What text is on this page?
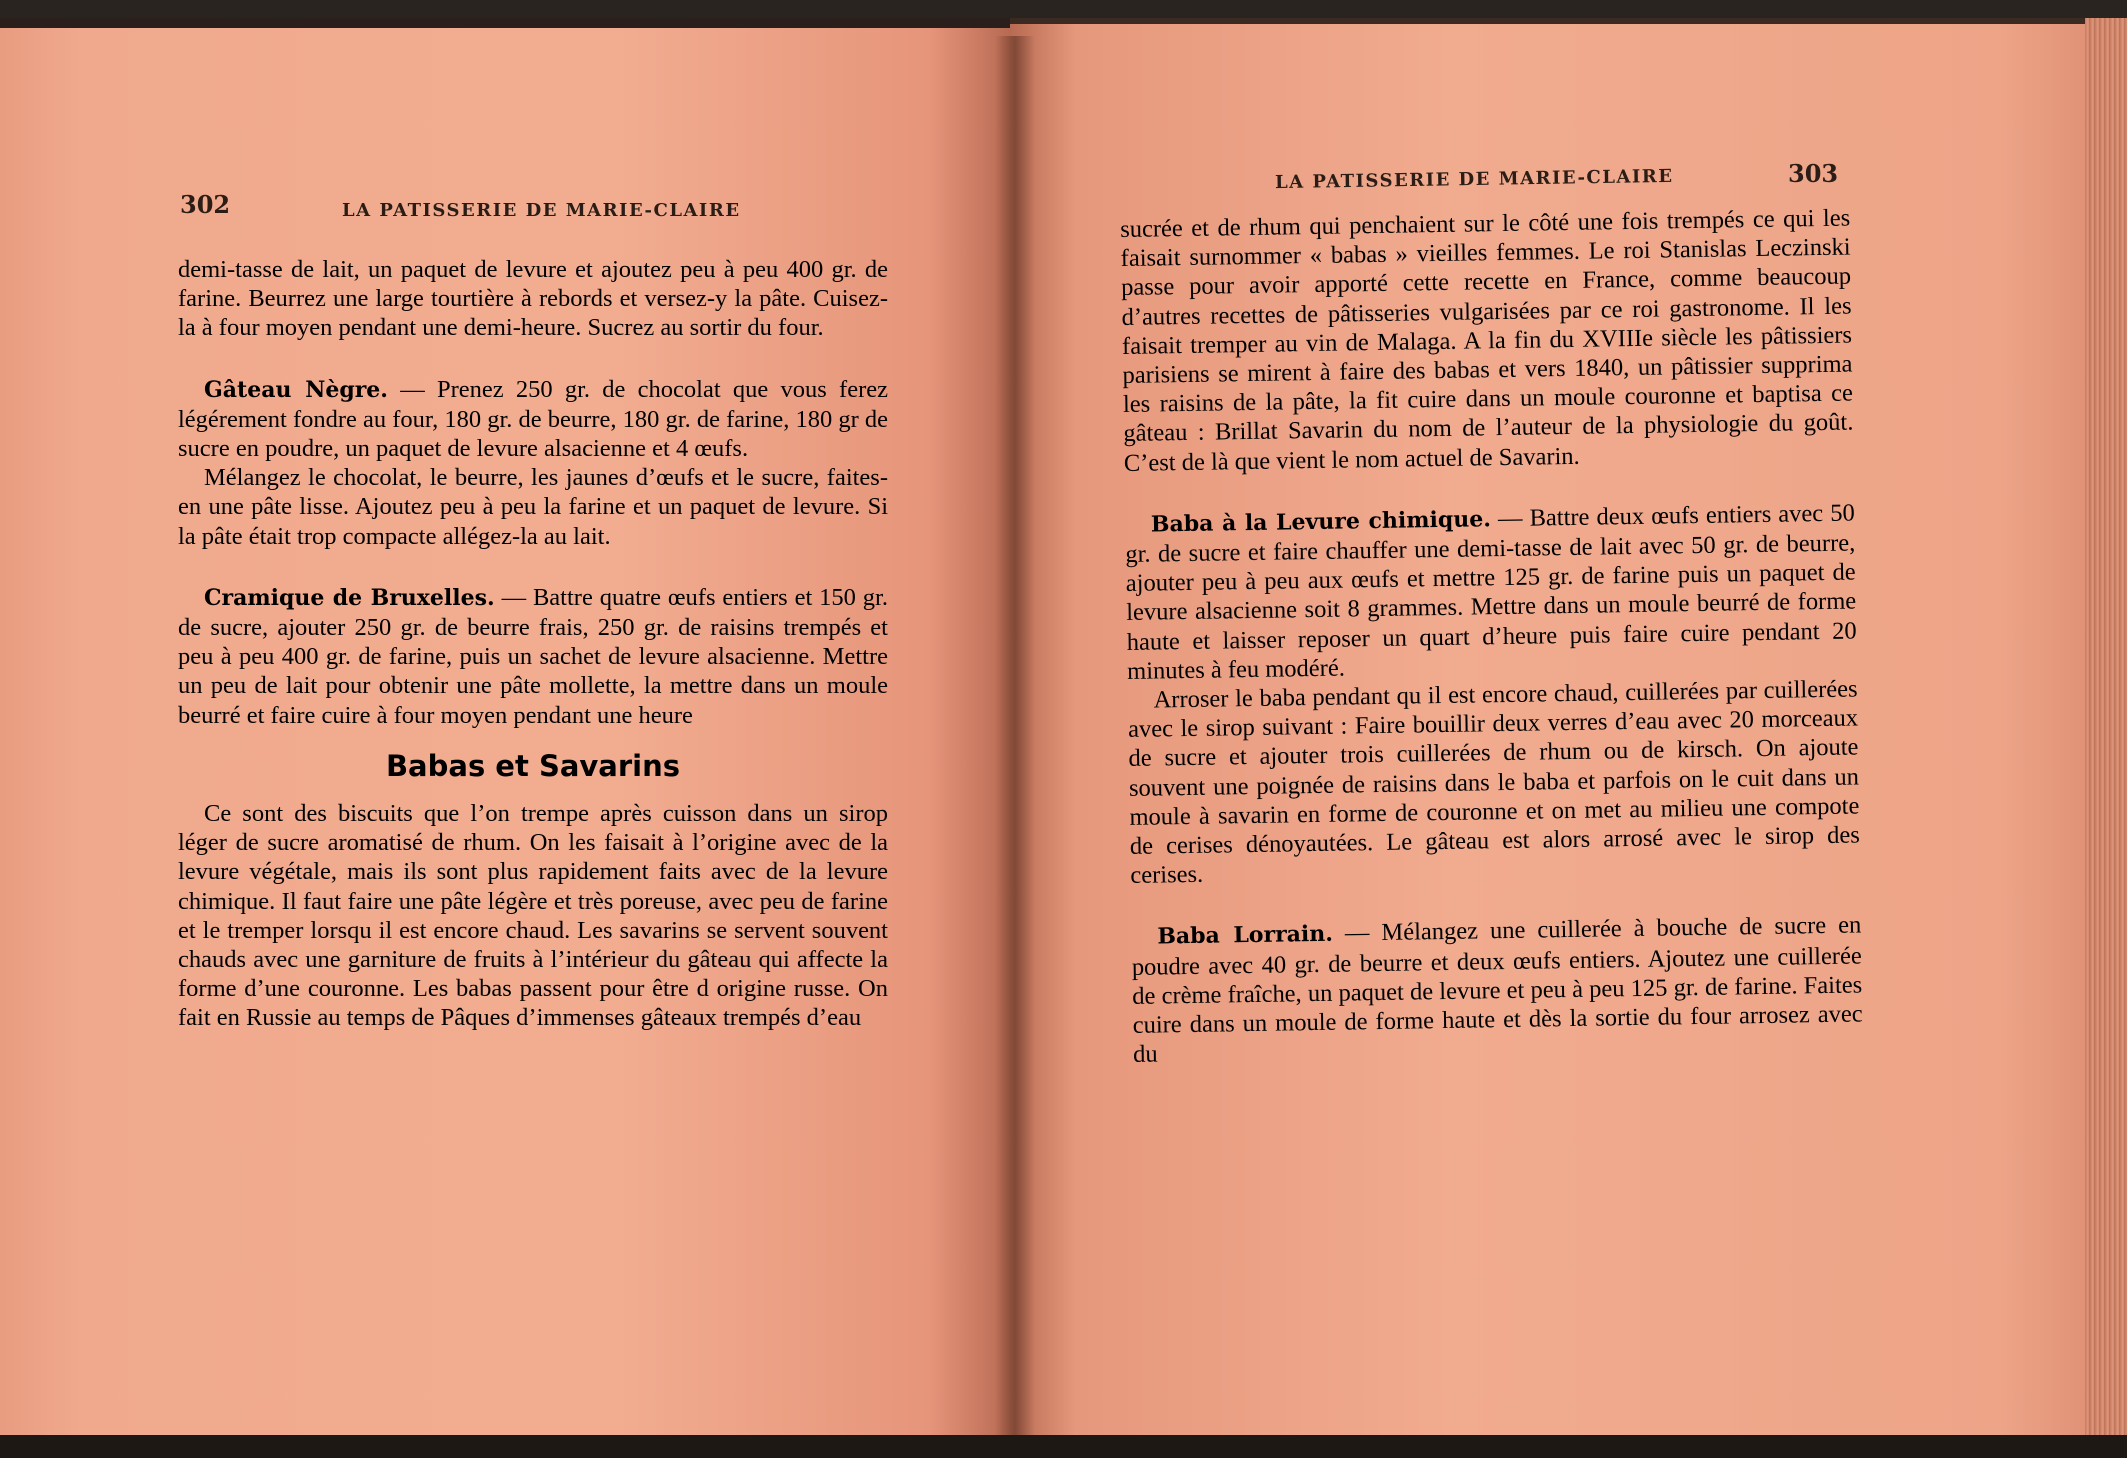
302	LA PATISSERIE DE MARIE-CLAIRE
LA PATISSERIE DE MARIE-CLAIRE	303

demi-tasse de lait, un paquet de levure et ajoutez peu à peu 400 gr. de farine. Beurrez une large tourtière à rebords et versez-y la pâte. Cuisez-la à four moyen pendant une demi-heure. Sucrez au sortir du four.

Gâteau Nègre. — Prenez 250 gr. de chocolat que vous ferez légérement fondre au four, 180 gr. de beurre, 180 gr. de farine, 180 gr de sucre en poudre, un paquet de levure alsacienne et 4 œufs.

Mélangez le chocolat, le beurre, les jaunes d’œufs et le sucre, faites-en une pâte lisse. Ajoutez peu à peu la farine et un paquet de levure. Si la pâte était trop compacte allégez-la au lait.

Cramique de Bruxelles. — Battre quatre œufs entiers et 150 gr. de sucre, ajouter 250 gr. de beurre frais, 250 gr. de raisins trempés et peu à peu 400 gr. de farine, puis un sachet de levure alsacienne. Mettre un peu de lait pour obtenir une pâte mollette, la mettre dans un moule beurré et faire cuire à four moyen pendant une heure

Babas et Savarins

Ce sont des biscuits que l’on trempe après cuisson dans un sirop léger de sucre aromatisé de rhum. On les faisait à l’origine avec de la levure végétale, mais ils sont plus rapidement faits avec de la levure chimique. Il faut faire une pâte légère et très poreuse, avec peu de farine et le tremper lorsqu il est encore chaud. Les savarins se servent souvent chauds avec une garniture de fruits à l’intérieur du gâteau qui affecte la forme d’une couronne. Les babas passent pour être d origine russe. On fait en Russie au temps de Pâques d’immenses gâteaux trempés d’eau

sucrée et de rhum qui penchaient sur le côté une fois trempés ce qui les faisait surnommer « babas » vieilles femmes. Le roi Stanislas Leczinski passe pour avoir apporté cette recette en France, comme beaucoup d’autres recettes de pâtisseries vulgarisées par ce roi gastronome. Il les faisait tremper au vin de Malaga. A la fin du XVIIIe siècle les pâtissiers parisiens se mirent à faire des babas et vers 1840, un pâtissier supprima les raisins de la pâte, la fit cuire dans un moule couronne et baptisa ce gâteau : Brillat Savarin du nom de l’auteur de la physiologie du goût. C’est de là que vient le nom actuel de Savarin.

Baba à la Levure chimique. — Battre deux œufs entiers avec 50 gr. de sucre et faire chauffer une demi-tasse de lait avec 50 gr. de beurre, ajouter peu à peu aux œufs et mettre 125 gr. de farine puis un paquet de levure alsacienne soit 8 grammes. Mettre dans un moule beurré de forme haute et laisser reposer un quart d’heure puis faire cuire pendant 20 minutes à feu modéré.

Arroser le baba pendant qu il est encore chaud, cuillerées par cuillerées avec le sirop suivant : Faire bouillir deux verres d’eau avec 20 morceaux de sucre et ajouter trois cuillerées de rhum ou de kirsch. On ajoute souvent une poignée de raisins dans le baba et parfois on le cuit dans un moule à savarin en forme de couronne et on met au milieu une compote de cerises dénoyautées. Le gâteau est alors arrosé avec le sirop des cerises.

Baba Lorrain. — Mélangez une cuillerée à bouche de sucre en poudre avec 40 gr. de beurre et deux œufs entiers. Ajoutez une cuillerée de crème fraîche, un paquet de levure et peu à peu 125 gr. de farine. Faites cuire dans un moule de forme haute et dès la sortie du four arrosez avec du
